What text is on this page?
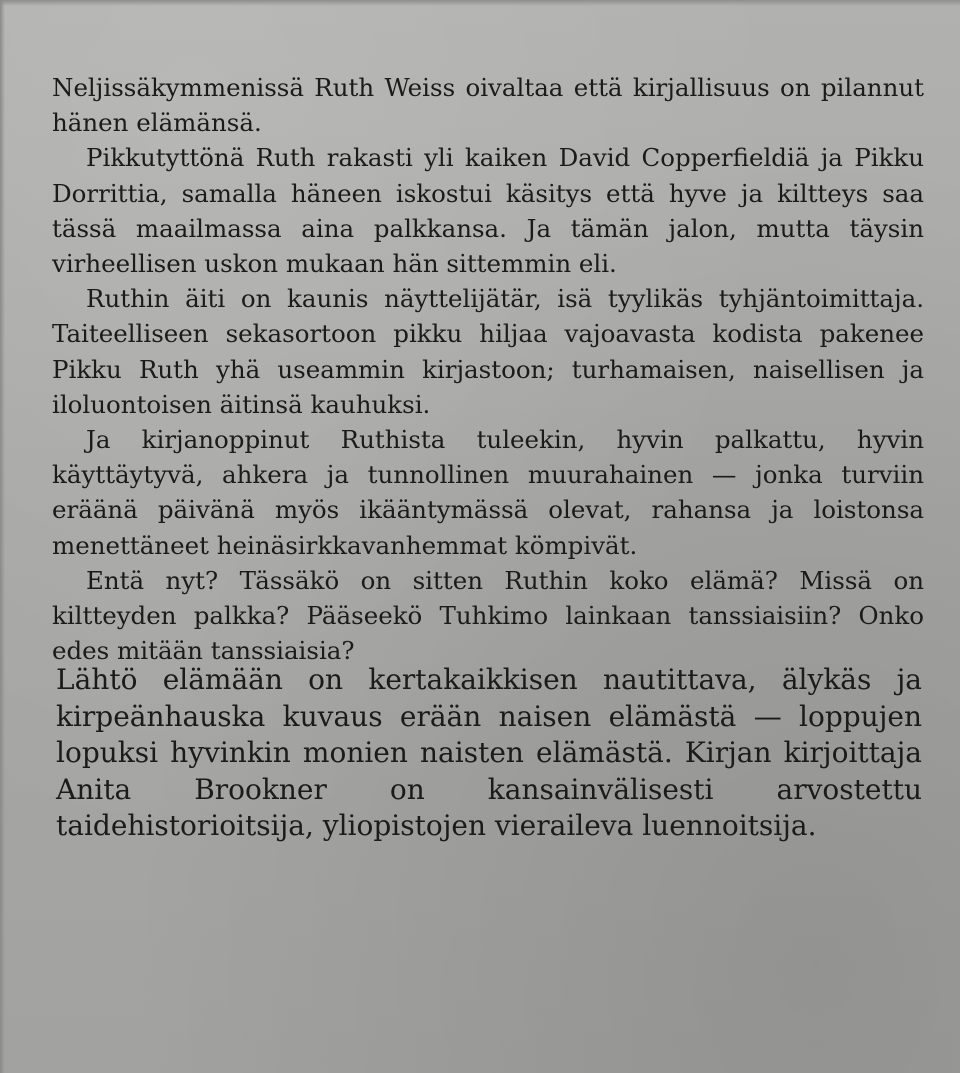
Neljissäkymmenissä Ruth Weiss oivaltaa että kirjallisuus on pilannut hänen elämänsä.

Pikkutyttönä Ruth rakasti yli kaiken David Copperfieldiä ja Pikku Dorrittia, samalla häneen iskostui käsitys että hyve ja kiltteys saa tässä maailmassa aina palkkansa. Ja tämän jalon, mutta täysin virheellisen uskon mukaan hän sittemmin eli.

Ruthin äiti on kaunis näyttelijätär, isä tyylikäs tyhjäntoimittaja. Taiteelliseen sekasortoon pikku hiljaa vajoavasta kodista pakenee Pikku Ruth yhä useammin kirjastoon; turhamaisen, naisellisen ja iloluontoisen äitinsä kauhuksi.

Ja kirjanoppinut Ruthista tuleekin, hyvin palkattu, hyvin käyttäytyvä, ahkera ja tunnollinen muurahainen — jonka turviin eräänä päivänä myös ikääntymässä olevat, rahansa ja loistonsa menettäneet heinäsirkkavanhemmat kömpivät.

Entä nyt? Tässäkö on sitten Ruthin koko elämä? Missä on kiltteyden palkka? Pääseekö Tuhkimo lainkaan tanssiaisiin? Onko edes mitään tanssiaisia?

Lähtö elämään on kertakaikkisen nautittava, älykäs ja kirpeänhauska kuvaus erään naisen elämästä — loppujen lopuksi hyvinkin monien naisten elämästä. Kirjan kirjoittaja Anita Brookner on kansainvälisesti arvostettu taidehistorioitsija, yliopistojen vieraileva luennoitsija.
